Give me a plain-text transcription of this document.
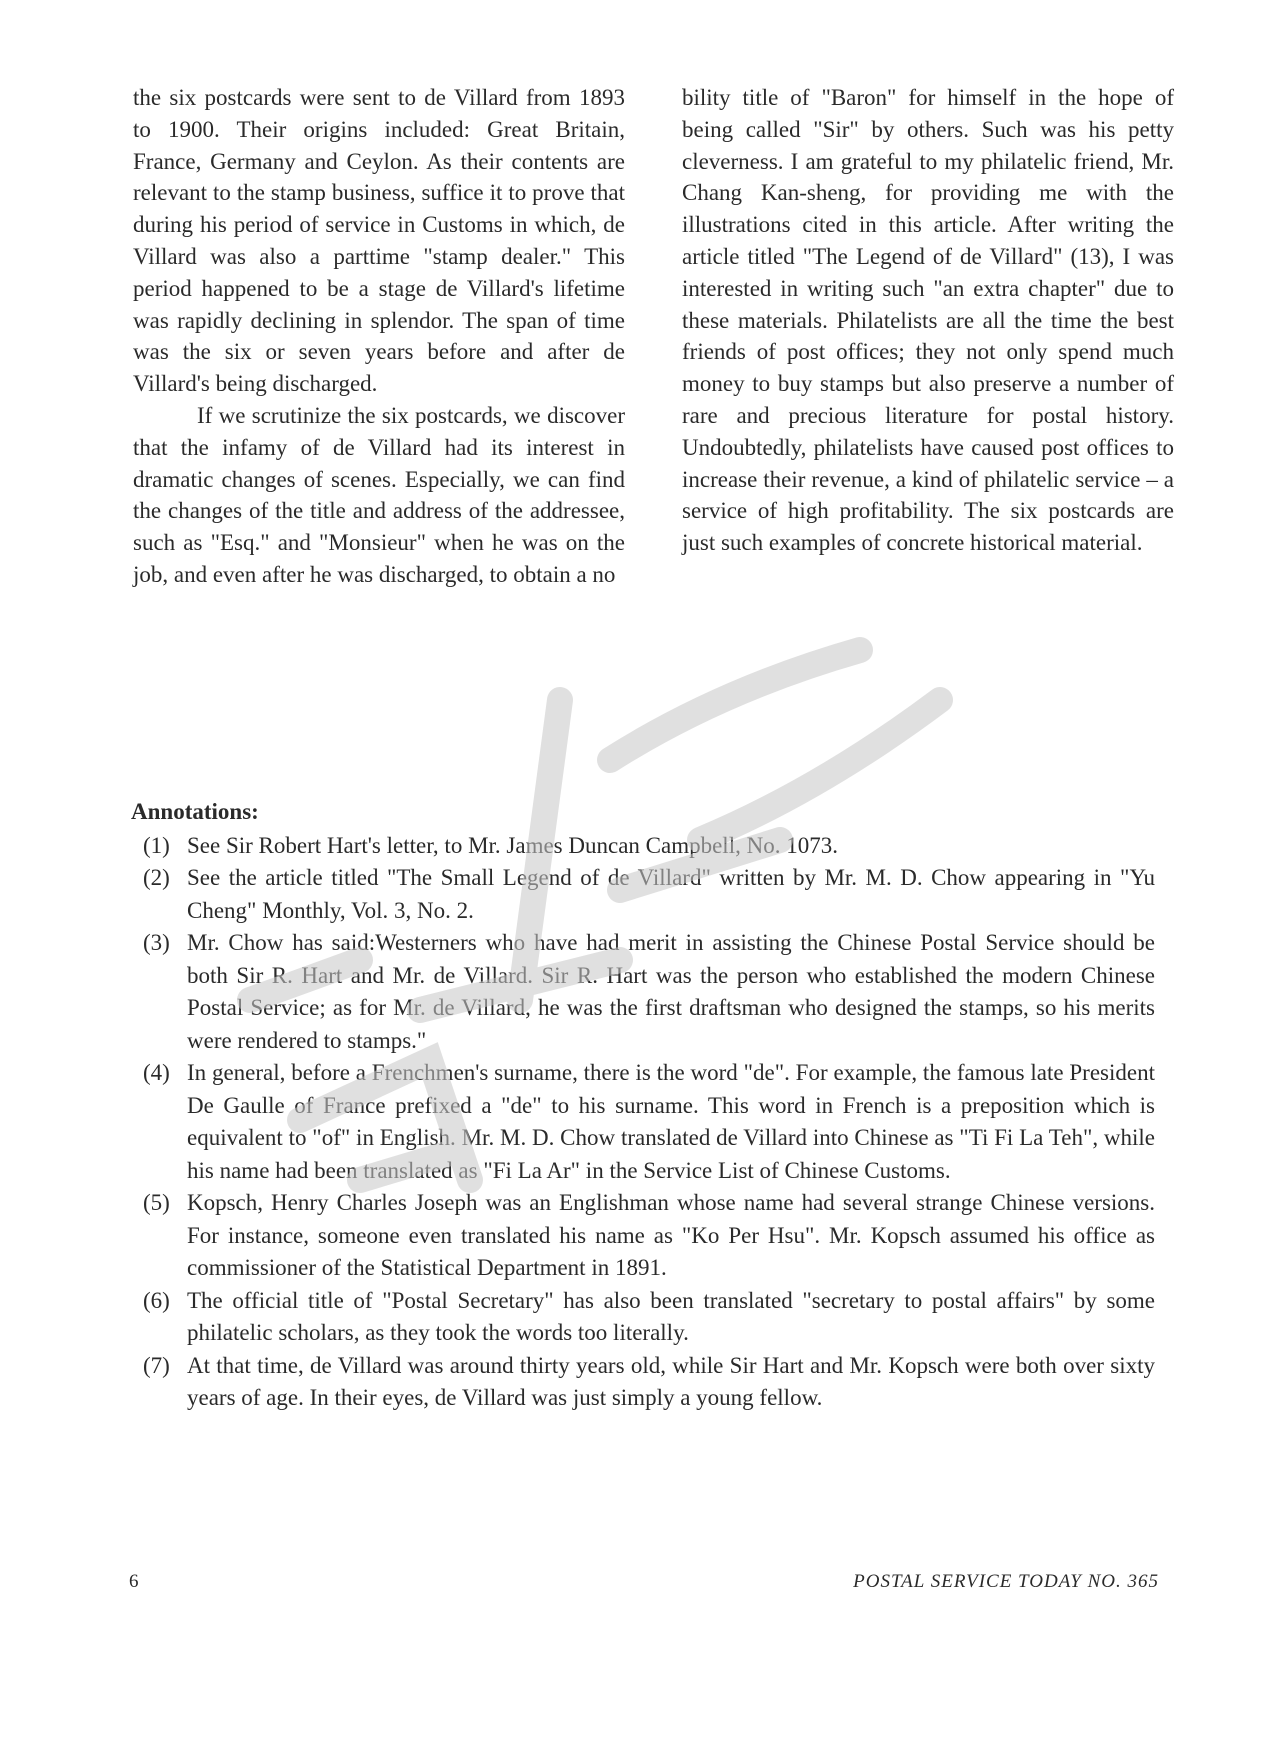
the six postcards were sent to de Villard from 1893 to 1900. Their origins included: Great Britain, France, Germany and Ceylon. As their contents are relevant to the stamp business, suffice it to prove that during his period of service in Customs in which, de Villard was also a parttime "stamp dealer." This period happened to be a stage de Villard's lifetime was rapidly declining in splendor. The span of time was the six or seven years before and after de Villard's being discharged.

If we scrutinize the six postcards, we discover that the infamy of de Villard had its interest in dramatic changes of scenes. Especially, we can find the changes of the title and address of the addressee, such as "Esq." and "Monsieur" when he was on the job, and even after he was discharged, to obtain a no

bility title of "Baron" for himself in the hope of being called "Sir" by others. Such was his petty cleverness. I am grateful to my philatelic friend, Mr. Chang Kan-sheng, for providing me with the illustrations cited in this article. After writing the article titled "The Legend of de Villard" (13), I was interested in writing such "an extra chapter" due to these materials. Philatelists are all the time the best friends of post offices; they not only spend much money to buy stamps but also preserve a number of rare and precious literature for postal history. Undoubtedly, philatelists have caused post offices to increase their revenue, a kind of philatelic service – a service of high profitability. The six postcards are just such examples of concrete historical material.

Annotations:
(1) See Sir Robert Hart's letter, to Mr. James Duncan Campbell, No. 1073.
(2) See the article titled "The Small Legend of de Villard" written by Mr. M. D. Chow appearing in "Yu Cheng" Monthly, Vol. 3, No. 2.
(3) Mr. Chow has said:Westerners who have had merit in assisting the Chinese Postal Service should be both Sir R. Hart and Mr. de Villard. Sir R. Hart was the person who established the modern Chinese Postal Service; as for Mr. de Villard, he was the first draftsman who designed the stamps, so his merits were rendered to stamps."
(4) In general, before a Frenchmen's surname, there is the word "de". For example, the famous late President De Gaulle of France prefixed a "de" to his surname. This word in French is a preposition which is equivalent to "of" in English. Mr. M. D. Chow translated de Villard into Chinese as "Ti Fi La Teh", while his name had been translated as "Fi La Ar" in the Service List of Chinese Customs.
(5) Kopsch, Henry Charles Joseph was an Englishman whose name had several strange Chinese versions. For instance, someone even translated his name as "Ko Per Hsu". Mr. Kopsch assumed his office as commissioner of the Statistical Department in 1891.
(6) The official title of "Postal Secretary" has also been translated "secretary to postal affairs" by some philatelic scholars, as they took the words too literally.
(7) At that time, de Villard was around thirty years old, while Sir Hart and Mr. Kopsch were both over sixty years of age. In their eyes, de Villard was just simply a young fellow.
6	POSTAL SERVICE TODAY NO. 365
